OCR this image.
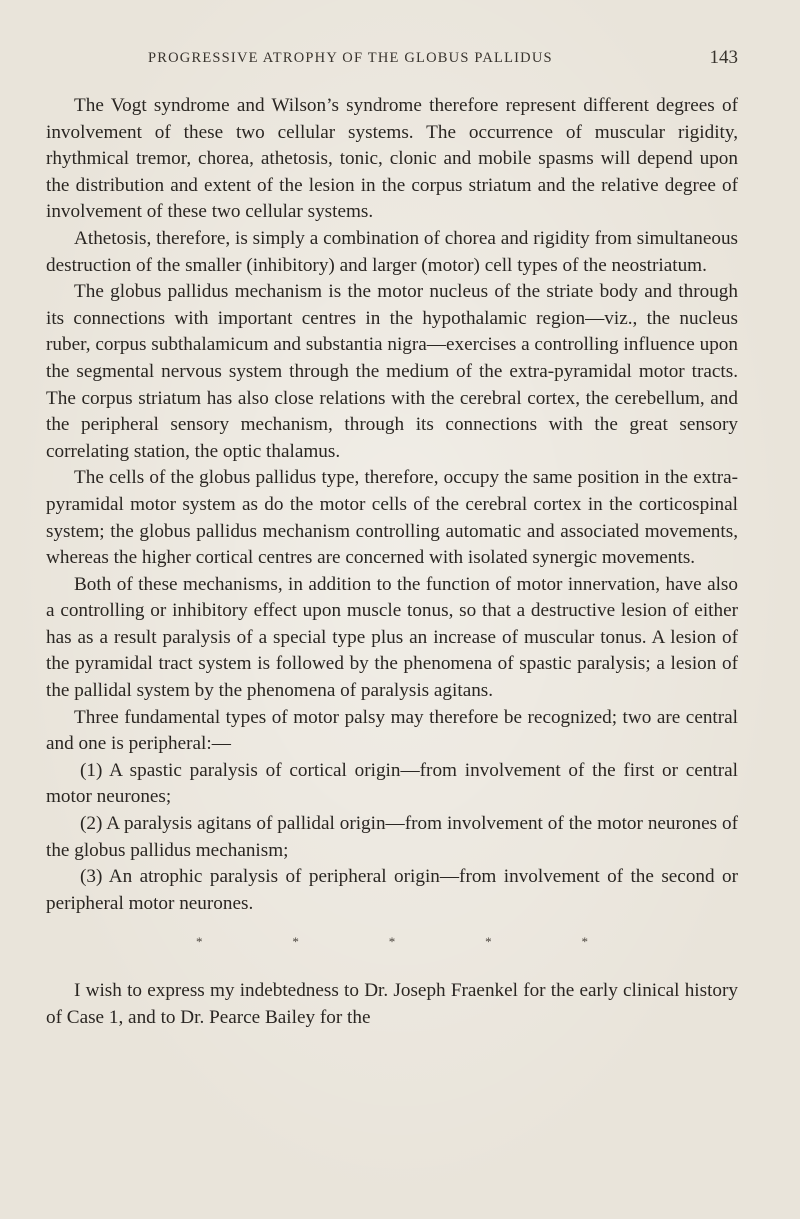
PROGRESSIVE ATROPHY OF THE GLOBUS PALLIDUS	143

The Vogt syndrome and Wilson’s syndrome therefore represent different degrees of involvement of these two cellular systems. The occurrence of muscular rigidity, rhythmical tremor, chorea, athetosis, tonic, clonic and mobile spasms will depend upon the distribution and extent of the lesion in the corpus striatum and the relative degree of involvement of these two cellular systems.

Athetosis, therefore, is simply a combination of chorea and rigidity from simultaneous destruction of the smaller (inhibitory) and larger (motor) cell types of the neostriatum.

The globus pallidus mechanism is the motor nucleus of the striate body and through its connections with important centres in the hypothalamic region—viz., the nucleus ruber, corpus subthalamicum and substantia nigra—exercises a controlling influence upon the segmental nervous system through the medium of the extra-pyramidal motor tracts. The corpus striatum has also close relations with the cerebral cortex, the cerebellum, and the peripheral sensory mechanism, through its connections with the great sensory correlating station, the optic thalamus.

The cells of the globus pallidus type, therefore, occupy the same position in the extra-pyramidal motor system as do the motor cells of the cerebral cortex in the corticospinal system; the globus pallidus mechanism controlling automatic and associated movements, whereas the higher cortical centres are concerned with isolated synergic movements.

Both of these mechanisms, in addition to the function of motor innervation, have also a controlling or inhibitory effect upon muscle tonus, so that a destructive lesion of either has as a result paralysis of a special type plus an increase of muscular tonus. A lesion of the pyramidal tract system is followed by the phenomena of spastic paralysis; a lesion of the pallidal system by the phenomena of paralysis agitans.

Three fundamental types of motor palsy may therefore be recognized; two are central and one is peripheral:—

(1) A spastic paralysis of cortical origin—from involvement of the first or central motor neurones;

(2) A paralysis agitans of pallidal origin—from involvement of the motor neurones of the globus pallidus mechanism;

(3) An atrophic paralysis of peripheral origin—from involvement of the second or peripheral motor neurones.

*	*	*	*	*

I wish to express my indebtedness to Dr. Joseph Fraenkel for the early clinical history of Case 1, and to Dr. Pearce Bailey for the
